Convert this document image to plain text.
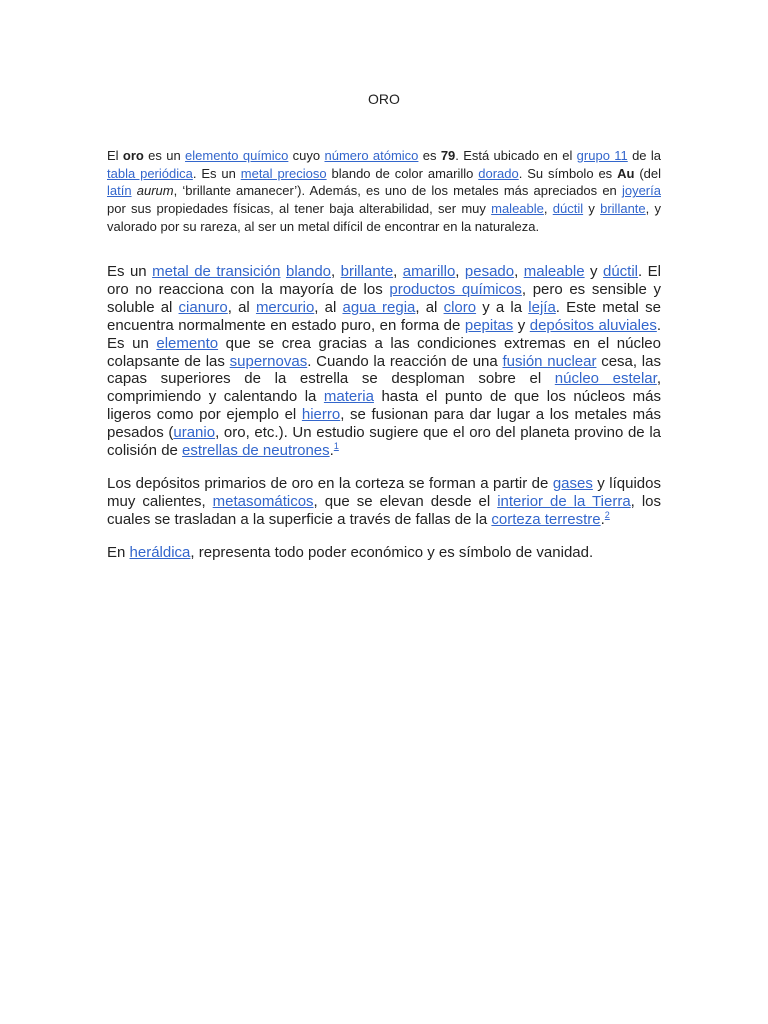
ORO

El oro es un elemento químico cuyo número atómico es 79. Está ubicado en el grupo 11 de la tabla periódica. Es un metal precioso blando de color amarillo dorado. Su símbolo es Au (del latín aurum, ‘brillante amanecer’). Además, es uno de los metales más apreciados en joyería por sus propiedades físicas, al tener baja alterabilidad, ser muy maleable, dúctil y brillante, y valorado por su rareza, al ser un metal difícil de encontrar en la naturaleza.

Es un metal de transición blando, brillante, amarillo, pesado, maleable y dúctil. El oro no reacciona con la mayoría de los productos químicos, pero es sensible y soluble al cianuro, al mercurio, al agua regia, al cloro y a la lejía. Este metal se encuentra normalmente en estado puro, en forma de pepitas y depósitos aluviales. Es un elemento que se crea gracias a las condiciones extremas en el núcleo colapsante de las supernovas. Cuando la reacción de una fusión nuclear cesa, las capas superiores de la estrella se desploman sobre el núcleo estelar, comprimiendo y calentando la materia hasta el punto de que los núcleos más ligeros como por ejemplo el hierro, se fusionan para dar lugar a los metales más pesados (uranio, oro, etc.). Un estudio sugiere que el oro del planeta provino de la colisión de estrellas de neutrones.$^1$

Los depósitos primarios de oro en la corteza se forman a partir de gases y líquidos muy calientes, metasomáticos, que se elevan desde el interior de la Tierra, los cuales se trasladan a la superficie a través de fallas de la corteza terrestre.$^2$

En heráldica, representa todo poder económico y es símbolo de vanidad.
